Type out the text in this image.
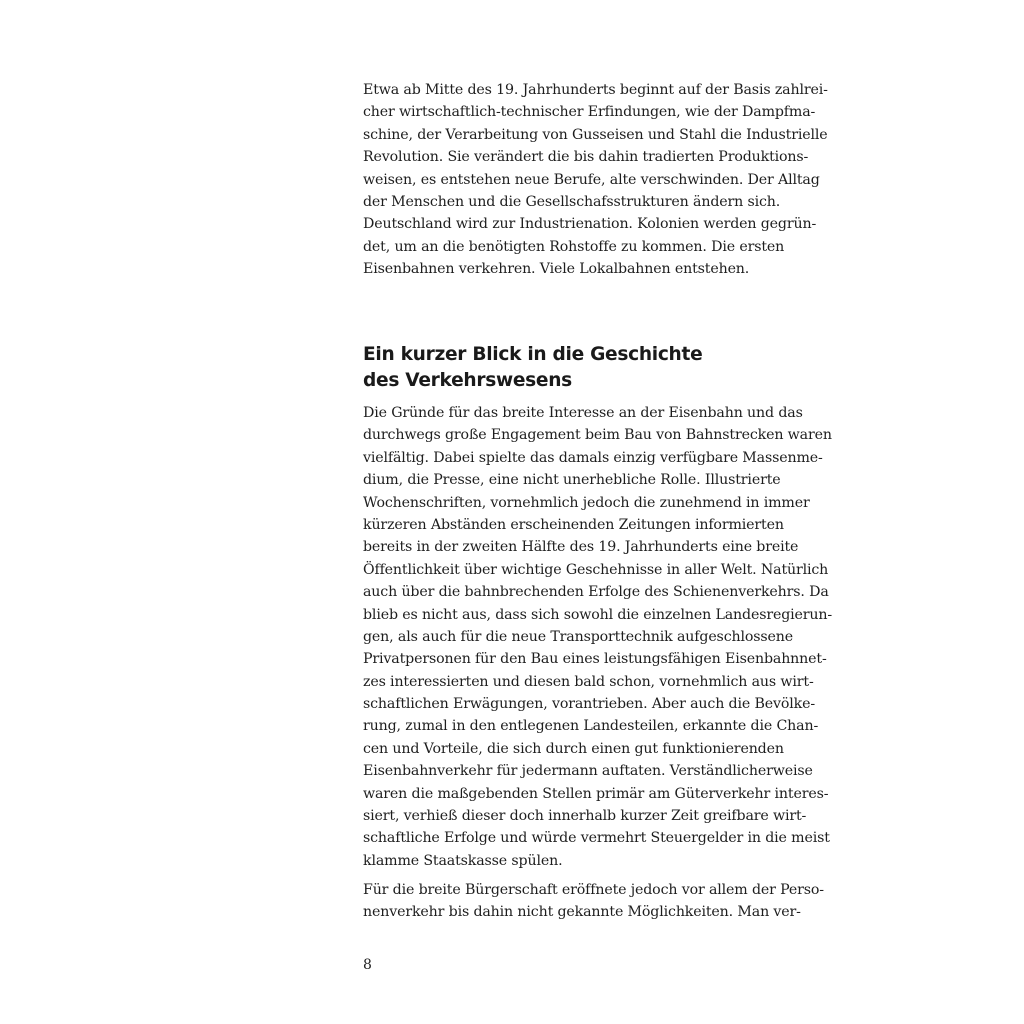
Etwa ab Mitte des 19. Jahrhunderts beginnt auf der Basis zahlrei-
cher wirtschaftlich-technischer Erfindungen, wie der Dampfma-
schine, der Verarbeitung von Gusseisen und Stahl die Industrielle
Revolution. Sie verändert die bis dahin tradierten Produktions-
weisen, es entstehen neue Berufe, alte verschwinden. Der Alltag
der Menschen und die Gesellschafsstrukturen ändern sich.
Deutschland wird zur Industrienation. Kolonien werden gegrün-
det, um an die benötigten Rohstoffe zu kommen. Die ersten
Eisenbahnen verkehren. Viele Lokalbahnen entstehen.
Ein kurzer Blick in die Geschichte
des Verkehrswesens
Die Gründe für das breite Interesse an der Eisenbahn und das
durchwegs große Engagement beim Bau von Bahnstrecken waren
vielfältig. Dabei spielte das damals einzig verfügbare Massenme-
dium, die Presse, eine nicht unerhebliche Rolle. Illustrierte
Wochenschriften, vornehmlich jedoch die zunehmend in immer
kürzeren Abständen erscheinenden Zeitungen informierten
bereits in der zweiten Hälfte des 19. Jahrhunderts eine breite
Öffentlichkeit über wichtige Geschehnisse in aller Welt. Natürlich
auch über die bahnbrechenden Erfolge des Schienenverkehrs. Da
blieb es nicht aus, dass sich sowohl die einzelnen Landesregierun-
gen, als auch für die neue Transporttechnik aufgeschlossene
Privatpersonen für den Bau eines leistungsfähigen Eisenbahnnet-
zes interessierten und diesen bald schon, vornehmlich aus wirt-
schaftlichen Erwägungen, vorantrieben. Aber auch die Bevölke-
rung, zumal in den entlegenen Landesteilen, erkannte die Chan-
cen und Vorteile, die sich durch einen gut funktionierenden
Eisenbahnverkehr für jedermann auftaten. Verständlicherweise
waren die maßgebenden Stellen primär am Güterverkehr interes-
siert, verhieß dieser doch innerhalb kurzer Zeit greifbare wirt-
schaftliche Erfolge und würde vermehrt Steuergelder in die meist
klamme Staatskasse spülen.
Für die breite Bürgerschaft eröffnete jedoch vor allem der Perso-
nenverkehr bis dahin nicht gekannte Möglichkeiten. Man ver-
8
